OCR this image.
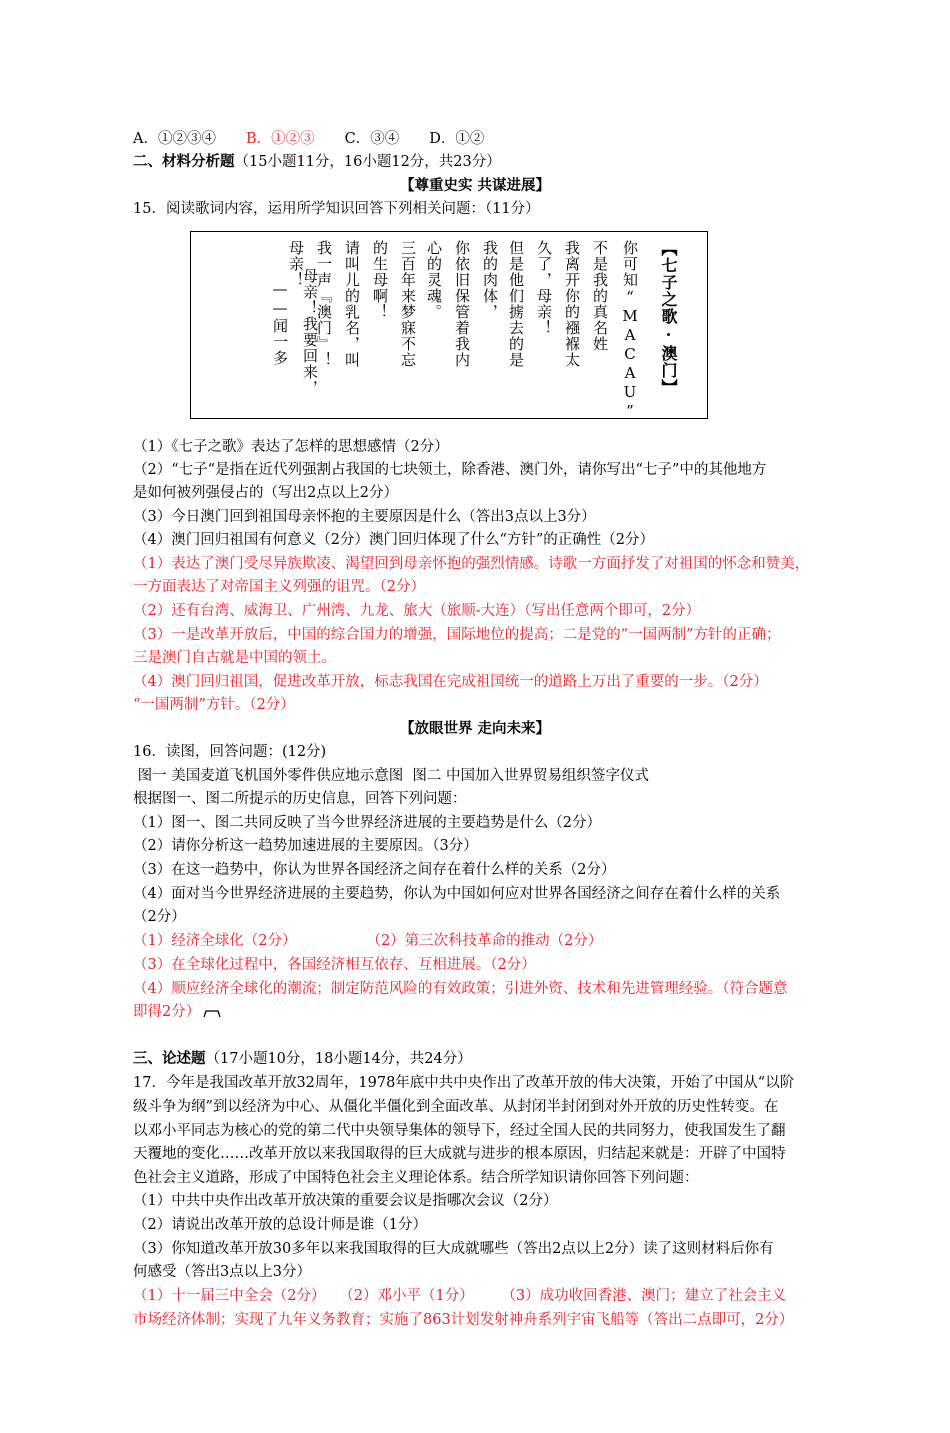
A．①②③④ B．①②③ C．③④ D．①②
二、材料分析题（15小题11分，16小题12分，共23分）
【尊重史实 共谋进展】
15．阅读歌词内容，运用所学知识回答下列相关问题：（11分）
【七子之歌·澳门】
你可知“MACAU”
不是我的真名姓
我离开你的襁褓太
久了，母亲！
但是他们掳去的是
我的肉体，
你依旧保管着我内
心的灵魂。
三百年来梦寐不忘
的生母啊！
请叫儿的乳名，叫
我一声『澳门』！
母亲！我要回来，
母亲！
——闻一多
（1）《七子之歌》表达了怎样的思想感情（2分）
（2）“七子“是指在近代列强割占我国的七块领土，除香港、澳门外，请你写出“七子”中的其他地方
是如何被列强侵占的（写出2点以上2分）
（3）今日澳门回到祖国母亲怀抱的主要原因是什么（答出3点以上3分）
（4）澳门回归祖国有何意义（2分）澳门回归体现了什么“方针”的正确性（2分）
（1）表达了澳门受尽异族欺凌、渴望回到母亲怀抱的强烈情感。诗歌一方面抒发了对祖国的怀念和赞美，
一方面表达了对帝国主义列强的诅咒。（2分）
（2）还有台湾、威海卫、广州湾、九龙、旅大（旅顺-大连）（写出任意两个即可，2分）
（3）一是改革开放后，中国的综合国力的增强，国际地位的提高；二是党的“一国两制”方针的正确；
三是澳门自古就是中国的领土。
（4）澳门回归祖国，促进改革开放，标志我国在完成祖国统一的道路上万出了重要的一步。（2分）
“一国两制”方针。（2分）
【放眼世界 走向未来】
16．读图，回答问题：(12分)
图一 美国麦道飞机国外零件供应地示意图  图二 中国加入世界贸易组织签字仪式
根据图一、图二所提示的历史信息，回答下列问题：
（1）图一、图二共同反映了当今世界经济进展的主要趋势是什么（2分）
（2）请你分析这一趋势加速进展的主要原因。（3分）
（3）在这一趋势中，你认为世界各国经济之间存在着什么样的关系（2分）
（4）面对当今世界经济进展的主要趋势，你认为中国如何应对世界各国经济之间存在着什么样的关系
（2分）
（1）经济全球化（2分）	（2）第三次科技革命的推动（2分）
（3）在全球化过程中，各国经济相互依存、互相进展。（2分）
（4）顺应经济全球化的潮流；制定防范风险的有效政策；引进外资、技术和先进管理经验。（符合题意
即得2分）
三、论述题（17小题10分，18小题14分，共24分）
17．今年是我国改革开放32周年，1978年底中共中央作出了改革开放的伟大决策，开始了中国从“以阶
级斗争为纲”到以经济为中心、从僵化半僵化到全面改革、从封闭半封闭到对外开放的历史性转变。在
以邓小平同志为核心的党的第二代中央领导集体的领导下，经过全国人民的共同努力，使我国发生了翻
天覆地的变化……改革开放以来我国取得的巨大成就与进步的根本原因，归结起来就是：开辟了中国特
色社会主义道路，形成了中国特色社会主义理论体系。结合所学知识请你回答下列问题：
（1）中共中央作出改革开放决策的重要会议是指哪次会议（2分）
（2）请说出改革开放的总设计师是谁（1分）
（3）你知道改革开放30多年以来我国取得的巨大成就哪些（答出2点以上2分）读了这则材料后你有
何感受（答出3点以上3分）
（1）十一届三中全会（2分）   （2）邓小平（1分）      （3）成功收回香港、澳门；建立了社会主义
市场经济体制；实现了九年义务教育；实施了863计划发射神舟系列宇宙飞船等（答出二点即可，2分）
